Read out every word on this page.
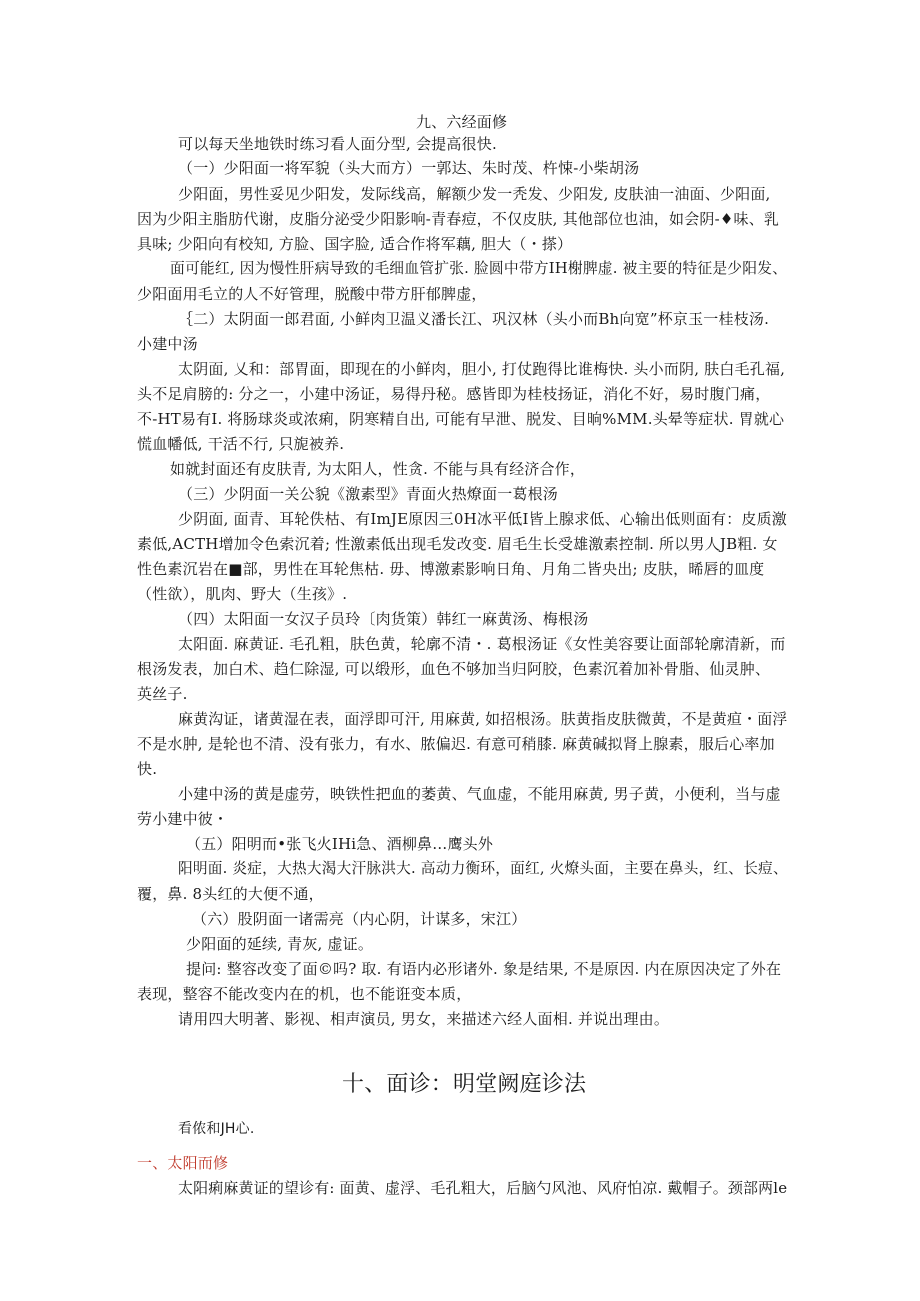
九、六经面修
可以每天坐地铁时练习看人面分型, 会提高很快.
（一）少阳面一将军貌（头大而方）一郭达、朱时茂、杵悚-小柴胡汤
少阳面，男性妥见少阳发，发际线高，解额少发一秃发、少阳发, 皮肤油一油面、少阳面,
因为少阳主脂肪代谢，皮脂分泌受少阳影响-青春痘，不仅皮肤, 其他部位也油，如会阴-♦味、乳
具味; 少阳向有校知, 方脸、国字脸, 适合作将军藕, 胆大（・搽）
面可能红, 因为慢性肝病导致的毛细血管扩张. 脸圆中带方IH榭脾虚. 被主要的特征是少阳发、
少阳面用毛立的人不好管理，脱酸中带方肝郁脾虚，
｛二）太阴面一郎君面, 小鲜肉卫温义潘长江、巩汉林（头小而Bh向宽”杯京玉一桂枝汤.
小建中汤
太阴面, 乂和：部胃面，即现在的小鲜肉，胆小, 打仗跑得比谁梅快. 头小而阴, 肤白毛孔福,
头不足肩膀的: 分之一，小建中汤证，易得丹秘。感皆即为桂枝扬证，消化不好，易时腹门痛，
不-HT易有I. 将肠球炎或浓痢，阴寒精自出, 可能有早泄、脱发、目晌%MM.头晕等症状. 胃就心
慌血幡低, 干活不行, 只旎被养.
如就封面还有皮肤青, 为太阳人，性贪. 不能与具有经济合作，
（三）少阴面一关公貌《激素型》青面火热燎面一葛根汤
少阴面, 面青、耳轮佚枯、有ImJE原因三0H冰平低I皆上腺求低、心输出低则面有：皮质激
素低,ACTH增加令色索沉着; 性激素低出现毛发改变. 眉毛生长受雄激素控制. 所以男人JB粗. 女
性色素沉岩在■部，男性在耳轮焦枯. 毋、博激素影响日角、月角二皆央出; 皮肤，晞唇的皿度
（性欲），肌肉、野大（生孩》.
（四）太阳面一女汉子员玲〔肉货策）韩红一麻黄汤、梅根汤
太阳面. 麻黄证. 毛孔粗，肤色黄，轮廓不清・. 葛根汤证《女性美容要让面部轮廓清新，而
根汤发表，加白术、趋仁除湿, 可以缎形，血色不够加当归阿胶，色素沉着加补骨脂、仙灵肿、
英丝子.
麻黄沟证，诸黄湿在表，面浮即可汗, 用麻黄, 如招根汤。肤黄指皮肤微黄，不是黄疸・面浮
不是水肿, 是轮也不清、没有张力，有水、脓偏迟. 有意可稍膝. 麻黄碱拟肾上腺素，服后心率加
快.
小建中汤的黄是虚劳，映铁性把血的萎黄、气血虚，不能用麻黄, 男子黄，小便利，当与虚
劳小建中彼・
（五）阳明而•张飞火IHi急、酒柳鼻…鹰头外
阳明面. 炎症，大热大渴大汗脉洪大. 高动力衡环，面红, 火燎头面，主要在鼻头，红、长痘、
覆，鼻. 8头红的大便不通，
（六）股阴面一诸需亮（内心阴，计谋多，宋江）
少阳面的延续, 青灰, 虚证。
提问: 整容改变了面©吗? 取. 有语内必形诸外. 象是结果, 不是原因. 内在原因决定了外在
表现，整容不能改变内在的机，也不能诳变本质，
请用四大明著、影视、相声演员, 男女，来描述六经人面相. 并说出理由。
十、面诊：明堂阙庭诊法
看侬和JH心.
一、太阳而修
太阳痢麻黄证的望诊有: 面黄、虚浮、毛孔粗大，后脑勺风池、风府怕凉. 戴帽子。颈部两le
